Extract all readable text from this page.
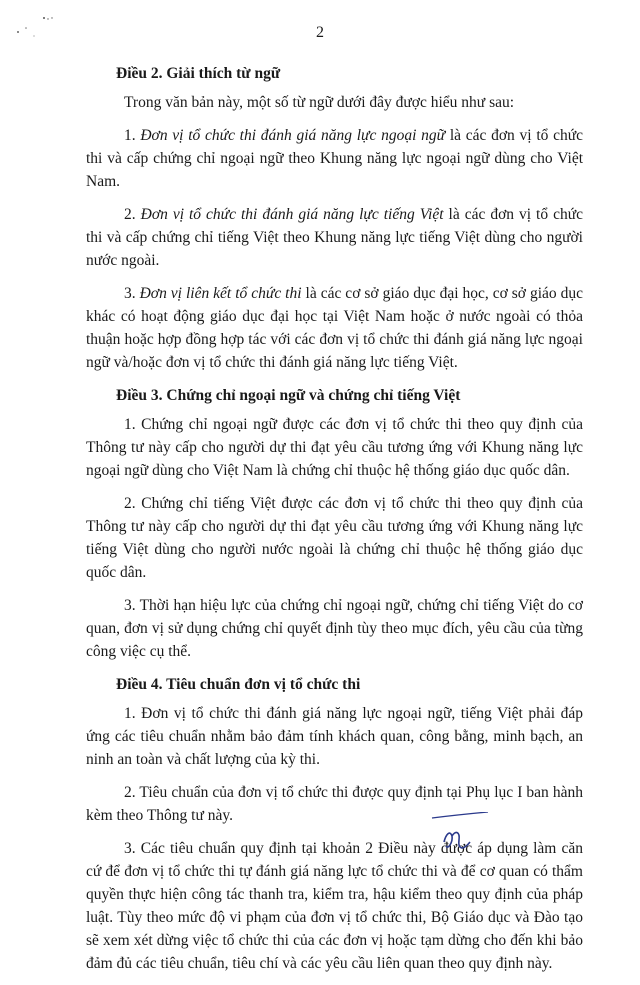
2

Điều 2. Giải thích từ ngữ

Trong văn bản này, một số từ ngữ dưới đây được hiểu như sau:

1. Đơn vị tổ chức thi đánh giá năng lực ngoại ngữ là các đơn vị tổ chức thi và cấp chứng chỉ ngoại ngữ theo Khung năng lực ngoại ngữ dùng cho Việt Nam.

2. Đơn vị tổ chức thi đánh giá năng lực tiếng Việt là các đơn vị tổ chức thi và cấp chứng chỉ tiếng Việt theo Khung năng lực tiếng Việt dùng cho người nước ngoài.

3. Đơn vị liên kết tổ chức thi là các cơ sở giáo dục đại học, cơ sở giáo dục khác có hoạt động giáo dục đại học tại Việt Nam hoặc ở nước ngoài có thỏa thuận hoặc hợp đồng hợp tác với các đơn vị tổ chức thi đánh giá năng lực ngoại ngữ và/hoặc đơn vị tổ chức thi đánh giá năng lực tiếng Việt.

Điều 3. Chứng chỉ ngoại ngữ và chứng chỉ tiếng Việt

1. Chứng chỉ ngoại ngữ được các đơn vị tổ chức thi theo quy định của Thông tư này cấp cho người dự thi đạt yêu cầu tương ứng với Khung năng lực ngoại ngữ dùng cho Việt Nam là chứng chỉ thuộc hệ thống giáo dục quốc dân.

2. Chứng chỉ tiếng Việt được các đơn vị tổ chức thi theo quy định của Thông tư này cấp cho người dự thi đạt yêu cầu tương ứng với Khung năng lực tiếng Việt dùng cho người nước ngoài là chứng chỉ thuộc hệ thống giáo dục quốc dân.

3. Thời hạn hiệu lực của chứng chỉ ngoại ngữ, chứng chỉ tiếng Việt do cơ quan, đơn vị sử dụng chứng chỉ quyết định tùy theo mục đích, yêu cầu của từng công việc cụ thể.

Điều 4. Tiêu chuẩn đơn vị tổ chức thi

1. Đơn vị tổ chức thi đánh giá năng lực ngoại ngữ, tiếng Việt phải đáp ứng các tiêu chuẩn nhằm bảo đảm tính khách quan, công bằng, minh bạch, an ninh an toàn và chất lượng của kỳ thi.

2. Tiêu chuẩn của đơn vị tổ chức thi được quy định tại Phụ lục I ban hành kèm theo Thông tư này.

3. Các tiêu chuẩn quy định tại khoản 2 Điều này được áp dụng làm căn cứ để đơn vị tổ chức thi tự đánh giá năng lực tổ chức thi và để cơ quan có thẩm quyền thực hiện công tác thanh tra, kiểm tra, hậu kiểm theo quy định của pháp luật. Tùy theo mức độ vi phạm của đơn vị tổ chức thi, Bộ Giáo dục và Đào tạo sẽ xem xét dừng việc tổ chức thi của các đơn vị hoặc tạm dừng cho đến khi bảo đảm đủ các tiêu chuẩn, tiêu chí và các yêu cầu liên quan theo quy định này.
